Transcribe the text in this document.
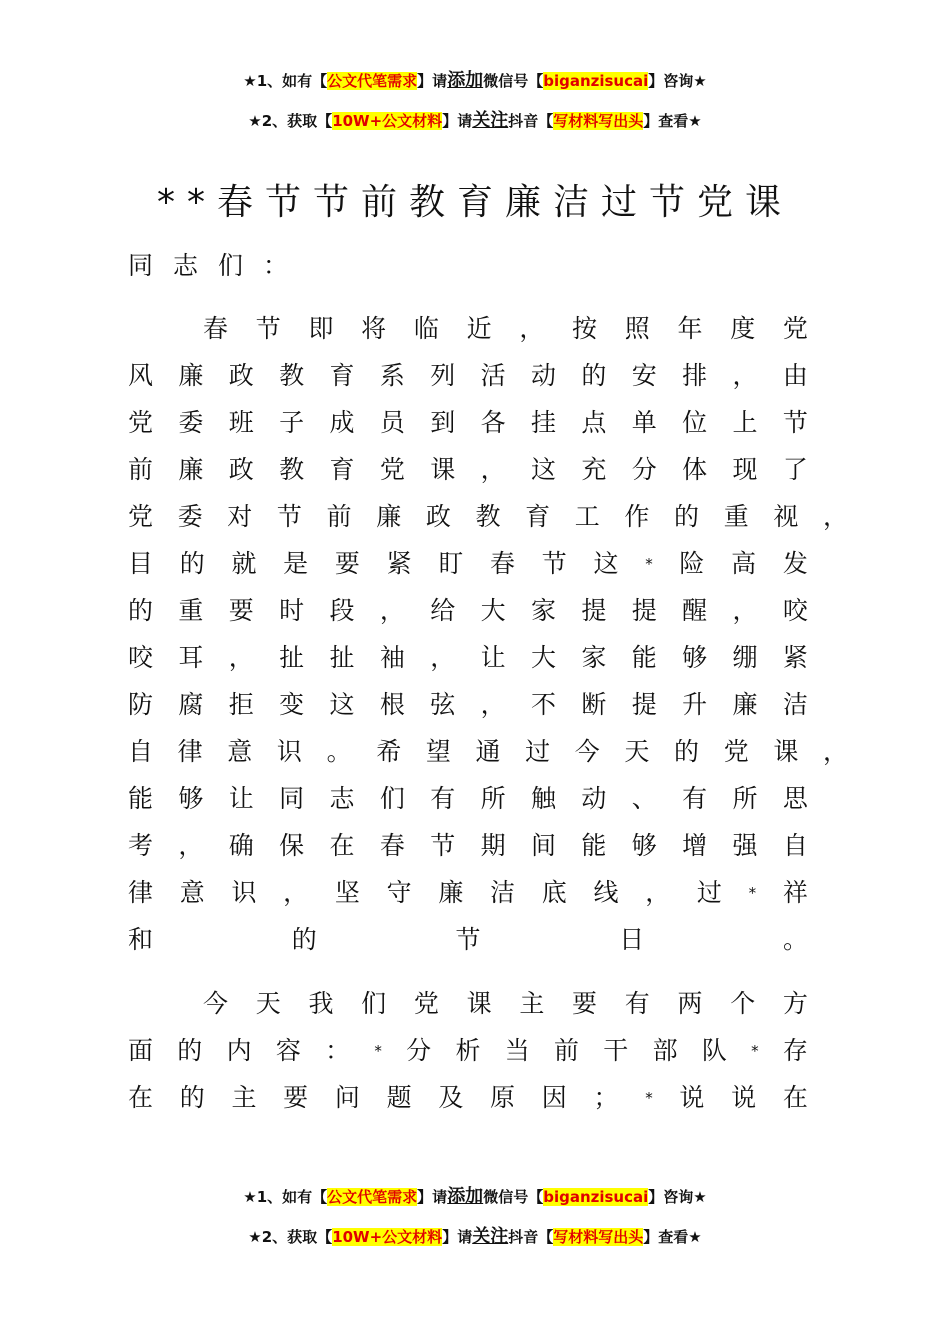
★1、如有【公文代笔需求】请添加微信号【biganzisucai】咨询★
★2、获取【10W+公文材料】请关注抖音【写材料写出头】查看★
**春节节前教育廉洁过节党课
同志们：
春 节 即 将 临 近 ， 按 照 年 度 党
风 廉 政 教 育 系 列 活 动 的 安 排 ， 由
党 委 班 子 成 员 到 各 挂 点 单 位 上 节
前 廉 政 教 育 党 课 ， 这 充 分 体 现 了
党 委 对 节 前 廉 政 教 育 工 作 的 重 视 ，
目 的 就 是 要 紧 盯 春 节 这 * 险 高 发
的 重 要 时 段 ， 给 大 家 提 提 醒 ， 咬
咬 耳 ， 扯 扯 袖 ， 让 大 家 能 够 绷 紧
防 腐 拒 变 这 根 弦 ， 不 断 提 升 廉 洁
自 律 意 识 。 希 望 通 过 今 天 的 党 课 ，
能 够 让 同 志 们 有 所 触 动 、 有 所 思
考 ， 确 保 在 春 节 期 间 能 够 增 强 自
律 意 识 ， 坚 守 廉 洁 底 线 ， 过 * 祥
和	的	节	日	。
今 天 我 们 党 课 主 要 有 两 个 方
面 的 内 容 ： * 分 析 当 前 干 部 队 * 存
在 的 主 要 问 题 及 原 因 ； * 说 说 在
★1、如有【公文代笔需求】请添加微信号【biganzisucai】咨询★
★2、获取【10W+公文材料】请关注抖音【写材料写出头】查看★
